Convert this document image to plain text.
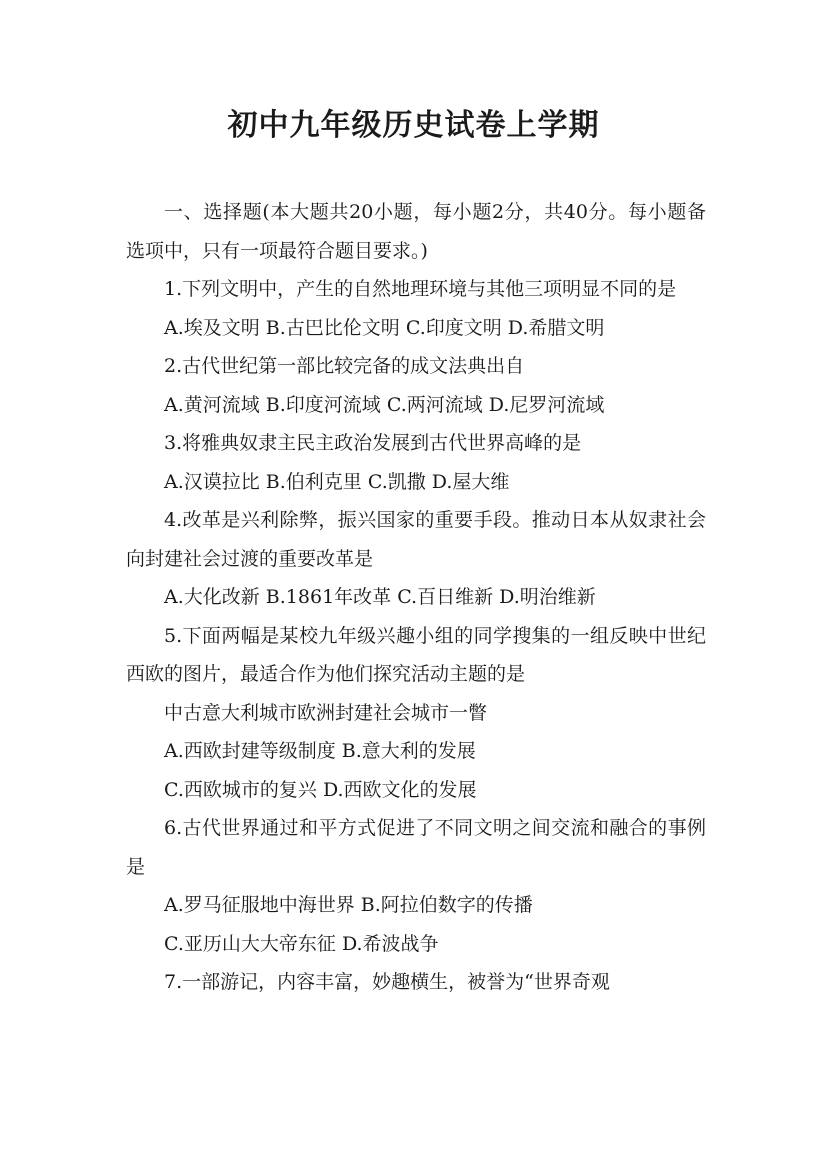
初中九年级历史试卷上学期

一、选择题(本大题共20小题，每小题2分，共40分。每小题备选项中，只有一项最符合题目要求。)

1.下列文明中，产生的自然地理环境与其他三项明显不同的是

A.埃及文明 B.古巴比伦文明 C.印度文明 D.希腊文明

2.古代世纪第一部比较完备的成文法典出自

A.黄河流域 B.印度河流域 C.两河流域 D.尼罗河流域

3.将雅典奴隶主民主政治发展到古代世界高峰的是

A.汉谟拉比 B.伯利克里 C.凯撒 D.屋大维

4.改革是兴利除弊，振兴国家的重要手段。推动日本从奴隶社会向封建社会过渡的重要改革是

A.大化改新 B.1861年改革 C.百日维新 D.明治维新

5.下面两幅是某校九年级兴趣小组的同学搜集的一组反映中世纪西欧的图片，最适合作为他们探究活动主题的是

中古意大利城市欧洲封建社会城市一瞥

A.西欧封建等级制度 B.意大利的发展

C.西欧城市的复兴 D.西欧文化的发展

6.古代世界通过和平方式促进了不同文明之间交流和融合的事例是

A.罗马征服地中海世界 B.阿拉伯数字的传播

C.亚历山大大帝东征 D.希波战争

7.一部游记，内容丰富，妙趣横生，被誉为“世界奇观
